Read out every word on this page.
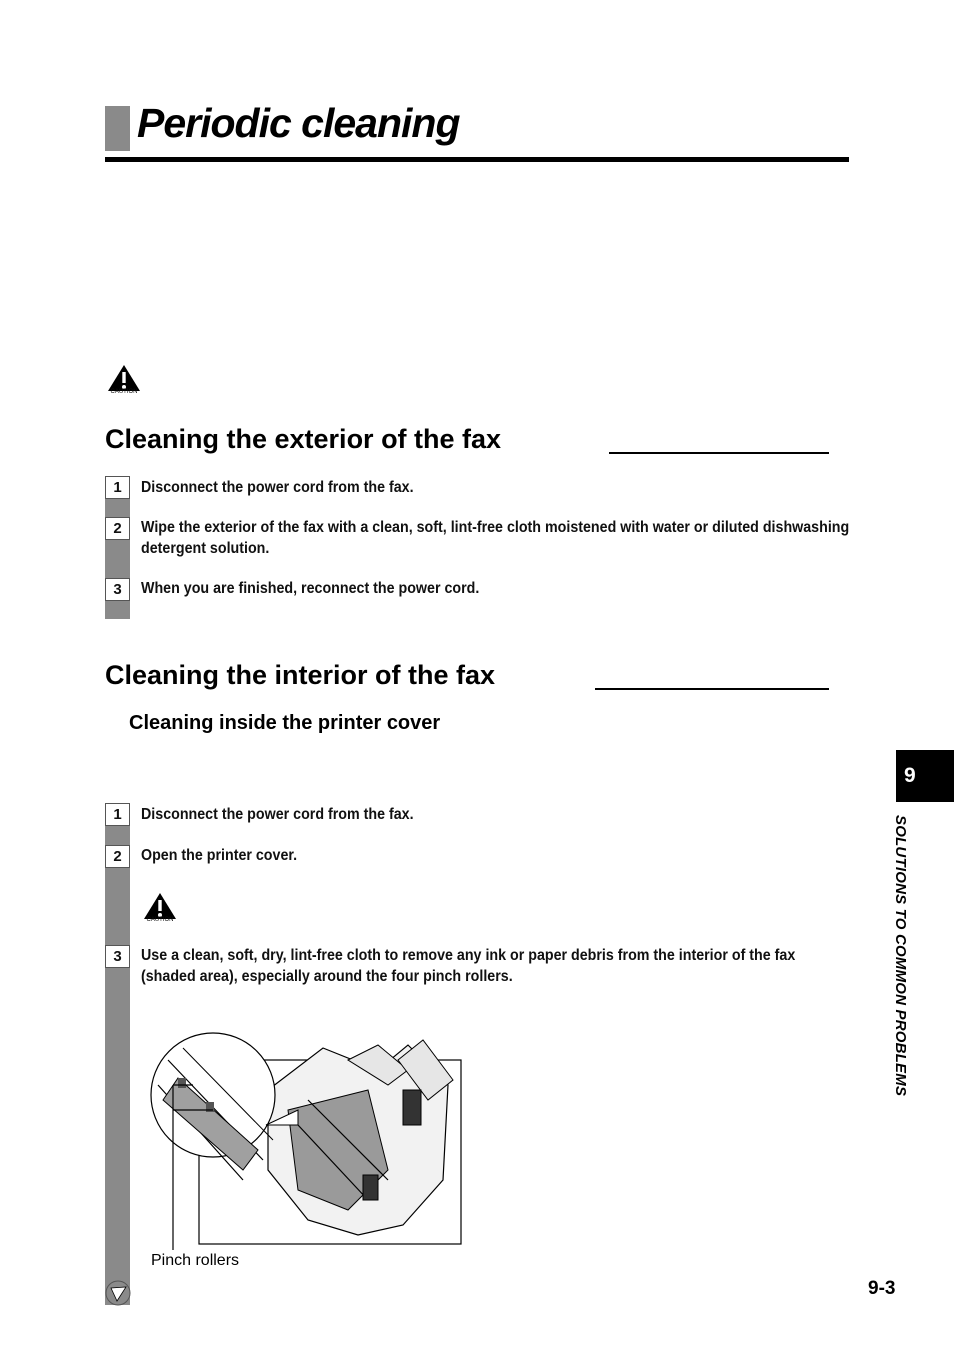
Periodic cleaning
CAUTION
Cleaning the exterior of the fax
1	Disconnect the power cord from the fax.
2	Wipe the exterior of the fax with a clean, soft, lint-free cloth moistened with water or diluted dishwashing detergent solution.
3	When you are finished, reconnect the power cord.
Cleaning the interior of the fax
Cleaning inside the printer cover
1	Disconnect the power cord from the fax.
2	Open the printer cover.
CAUTION
3	Use a clean, soft, dry, lint-free cloth to remove any ink or paper debris from the interior of the fax (shaded area), especially around the four pinch rollers.
Pinch rollers
9
SOLUTIONS TO COMMON PROBLEMS
9-3
